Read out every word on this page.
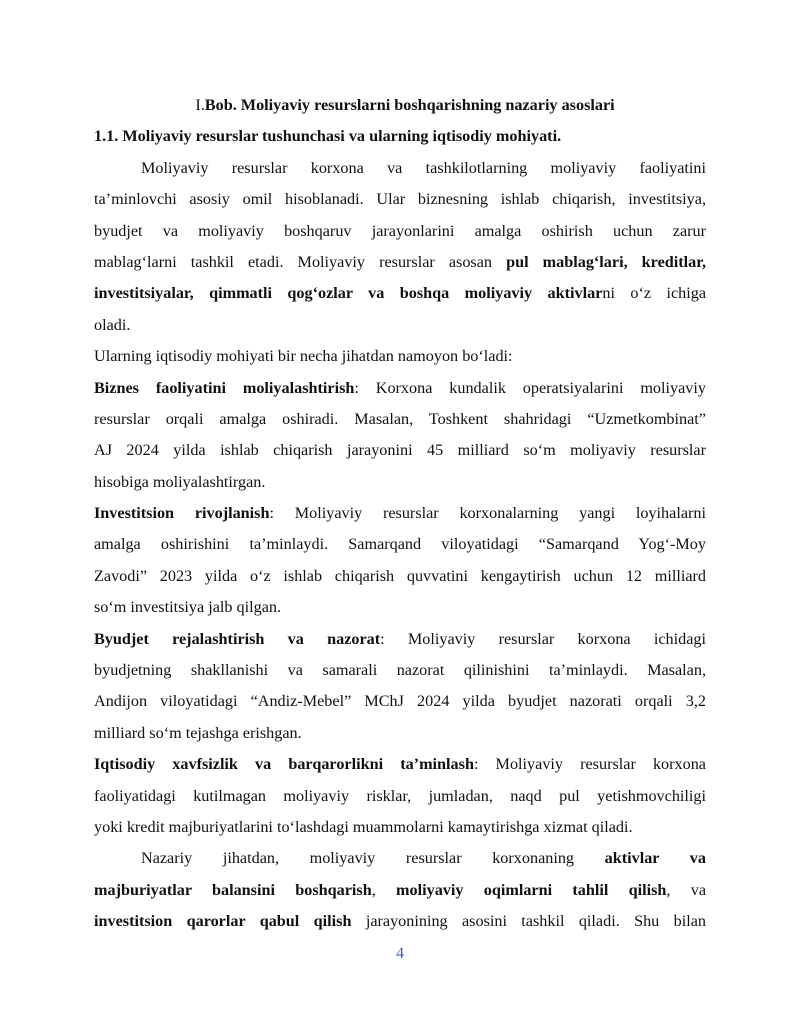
I.Bob. Moliyaviy resurslarni boshqarishning nazariy asoslari
1.1. Moliyaviy resurslar tushunchasi va ularning iqtisodiy mohiyati.
Moliyaviy resurslar korxona va tashkilotlarning moliyaviy faoliyatini
ta’minlovchi asosiy omil hisoblanadi. Ular biznesning ishlab chiqarish, investitsiya,
byudjet va moliyaviy boshqaruv jarayonlarini amalga oshirish uchun zarur
mablag‘larni tashkil etadi. Moliyaviy resurslar asosan pul mablag‘lari, kreditlar,
investitsiyalar, qimmatli qog‘ozlar va boshqa moliyaviy aktivlarni o‘z ichiga
oladi.
Ularning iqtisodiy mohiyati bir necha jihatdan namoyon bo‘ladi:
Biznes faoliyatini moliyalashtirish: Korxona kundalik operatsiyalarini moliyaviy
resurslar orqali amalga oshiradi. Masalan, Toshkent shahridagi “Uzmetkombinat”
AJ 2024 yilda ishlab chiqarish jarayonini 45 milliard so‘m moliyaviy resurslar
hisobiga moliyalashtirgan.
Investitsion rivojlanish: Moliyaviy resurslar korxonalarning yangi loyihalarni
amalga oshirishini ta’minlaydi. Samarqand viloyatidagi “Samarqand Yog‘-Moy
Zavodi” 2023 yilda o‘z ishlab chiqarish quvvatini kengaytirish uchun 12 milliard
so‘m investitsiya jalb qilgan.
Byudjet rejalashtirish va nazorat: Moliyaviy resurslar korxona ichidagi
byudjetning shakllanishi va samarali nazorat qilinishini ta’minlaydi. Masalan,
Andijon viloyatidagi “Andiz-Mebel” MChJ 2024 yilda byudjet nazorati orqali 3,2
milliard so‘m tejashga erishgan.
Iqtisodiy xavfsizlik va barqarorlikni ta’minlash: Moliyaviy resurslar korxona
faoliyatidagi kutilmagan moliyaviy risklar, jumladan, naqd pul yetishmovchiligi
yoki kredit majburiyatlarini to‘lashdagi muammolarni kamaytirishga xizmat qiladi.
Nazariy jihatdan, moliyaviy resurslar korxonaning aktivlar va
majburiyatlar balansini boshqarish, moliyaviy oqimlarni tahlil qilish, va
investitsion qarorlar qabul qilish jarayonining asosini tashkil qiladi. Shu bilan
4
